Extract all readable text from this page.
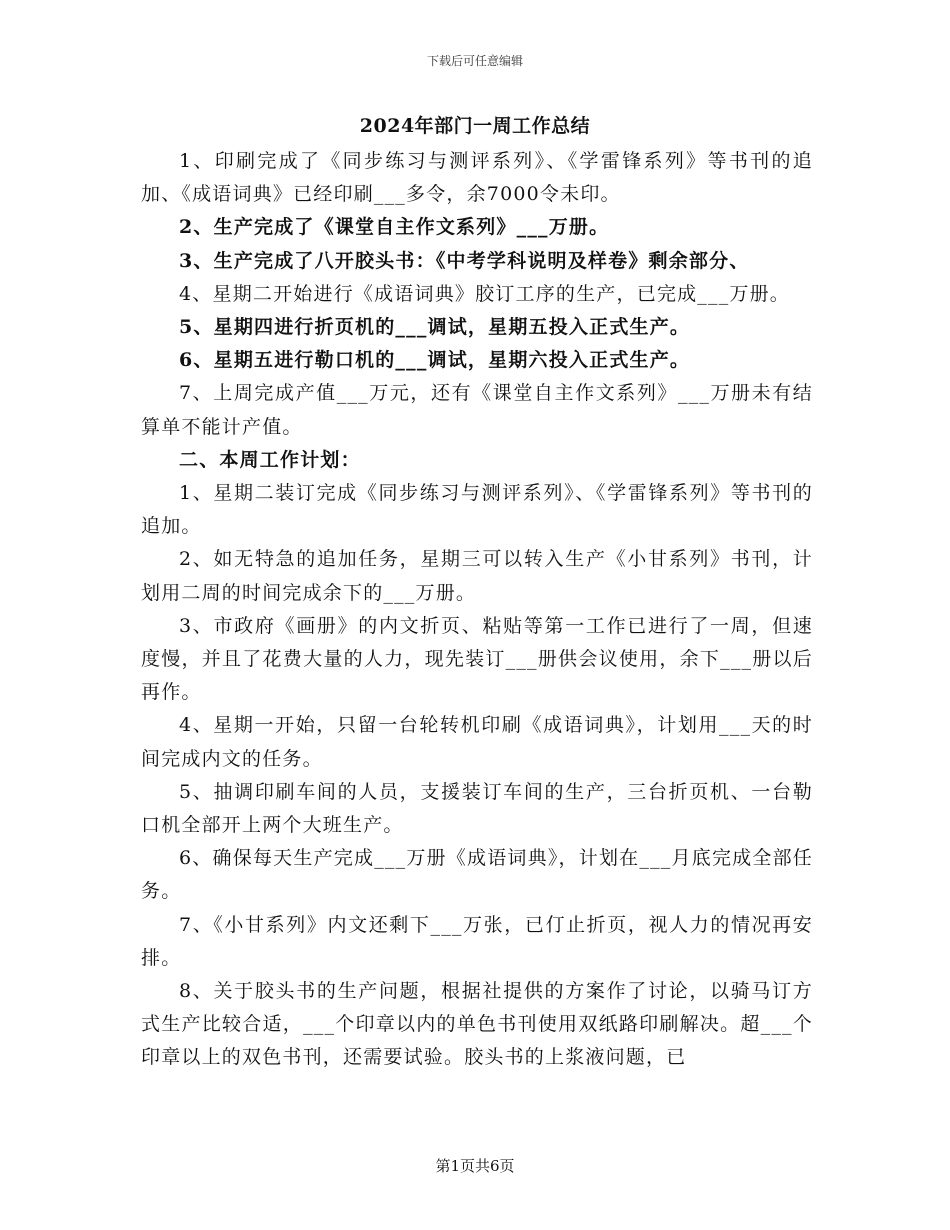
下载后可任意编辑
2024年部门一周工作总结

1、印刷完成了《同步练习与测评系列》、《学雷锋系列》等书刊的追加、《成语词典》已经印刷___多令，余7000令未印。

2、生产完成了《课堂自主作文系列》___万册。

3、生产完成了八开胶头书：《中考学科说明及样卷》剩余部分、

4、星期二开始进行《成语词典》胶订工序的生产，已完成___万册。

5、星期四进行折页机的___调试，星期五投入正式生产。

6、星期五进行勒口机的___调试，星期六投入正式生产。

7、上周完成产值___万元，还有《课堂自主作文系列》___万册未有结算单不能计产值。

二、本周工作计划：

1、星期二装订完成《同步练习与测评系列》、《学雷锋系列》等书刊的追加。

2、如无特急的追加任务，星期三可以转入生产《小甘系列》书刊，计划用二周的时间完成余下的___万册。

3、市政府《画册》的内文折页、粘贴等第一工作已进行了一周，但速度慢，并且了花费大量的人力，现先装订___册供会议使用，余下___册以后再作。

4、星期一开始，只留一台轮转机印刷《成语词典》，计划用___天的时间完成内文的任务。

5、抽调印刷车间的人员，支援装订车间的生产，三台折页机、一台勒口机全部开上两个大班生产。

6、确保每天生产完成___万册《成语词典》，计划在___月底完成全部任务。

7、《小甘系列》内文还剩下___万张，已仃止折页，视人力的情况再安排。

8、关于胶头书的生产问题，根据社提供的方案作了讨论，以骑马订方式生产比较合适，___个印章以内的单色书刊使用双纸路印刷解决。超___个印章以上的双色书刊，还需要试验。胶头书的上浆液问题，已

第1页共6页
